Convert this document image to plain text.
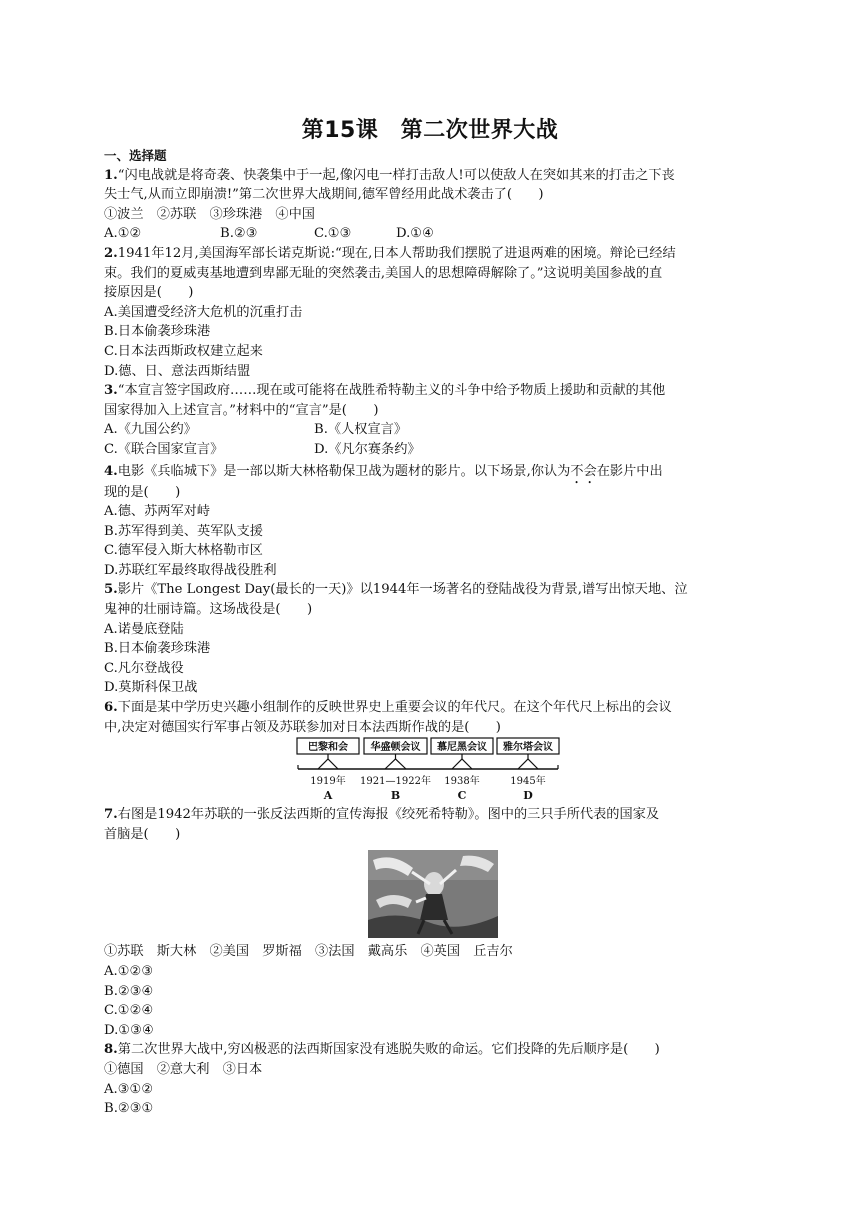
第15课　第二次世界大战
一、选择题
1.“闪电战就是将奇袭、快袭集中于一起,像闪电一样打击敌人!可以使敌人在突如其来的打击之下丧
失士气,从而立即崩溃!”第二次世界大战期间,德军曾经用此战术袭击了(　　)
①波兰　②苏联　③珍珠港　④中国
A.①②	B.②③	C.①③	D.①④
2.1941年12月,美国海军部长诺克斯说:“现在,日本人帮助我们摆脱了进退两难的困境。辩论已经结
束。我们的夏威夷基地遭到卑鄙无耻的突然袭击,美国人的思想障碍解除了。”这说明美国参战的直
接原因是(　　)
A.美国遭受经济大危机的沉重打击
B.日本偷袭珍珠港
C.日本法西斯政权建立起来
D.德、日、意法西斯结盟
3.“本宣言签字国政府……现在或可能将在战胜希特勒主义的斗争中给予物质上援助和贡献的其他
国家得加入上述宣言。”材料中的“宣言”是(　　)
A.《九国公约》	B.《人权宣言》
C.《联合国家宣言》	D.《凡尔赛条约》
4.电影《兵临城下》是一部以斯大林格勒保卫战为题材的影片。以下场景,你认为不会在影片中出
现的是(　　)
A.德、苏两军对峙
B.苏军得到美、英军队支援
C.德军侵入斯大林格勒市区
D.苏联红军最终取得战役胜利
5.影片《The Longest Day(最长的一天)》以1944年一场著名的登陆战役为背景,谱写出惊天地、泣
鬼神的壮丽诗篇。这场战役是(　　)
A.诺曼底登陆
B.日本偷袭珍珠港
C.凡尔登战役
D.莫斯科保卫战
6.下面是某中学历史兴趣小组制作的反映世界史上重要会议的年代尺。在这个年代尺上标出的会议
中,决定对德国实行军事占领及苏联参加对日本法西斯作战的是(　　)
巴黎和会 华盛顿会议 慕尼黑会议 雅尔塔会议
1919年 1921—1922年 1938年	1945年
A	B	C	D
7.右图是1942年苏联的一张反法西斯的宣传海报《绞死希特勒》。图中的三只手所代表的国家及
首脑是(　　)
①苏联　斯大林　②美国　罗斯福　③法国　戴高乐　④英国　丘吉尔
A.①②③
B.②③④
C.①②④
D.①③④
8.第二次世界大战中,穷凶极恶的法西斯国家没有逃脱失败的命运。它们投降的先后顺序是(　　)
①德国　②意大利　③日本
A.③①②
B.②③①
